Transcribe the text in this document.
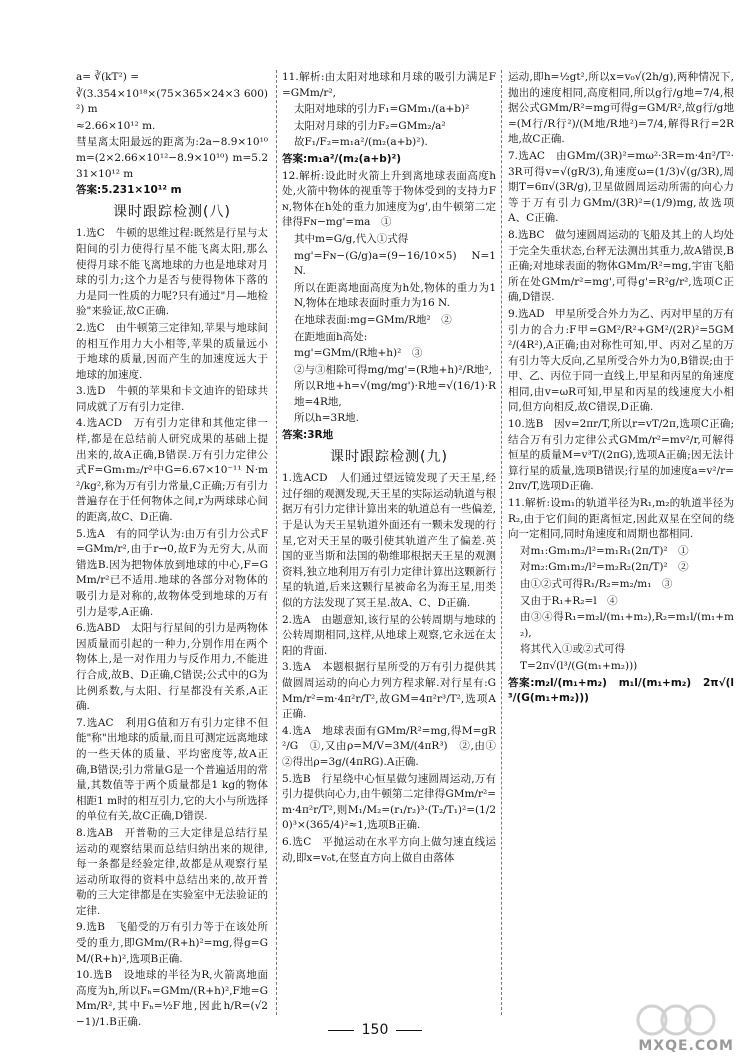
a= ∛(kT²) =
∛(3.354×10¹⁸×(75×365×24×3 600)²) m
≈2.66×10¹² m.
彗星离太阳最远的距离为:2a−8.9×10¹⁰ m=(2×2.66×10¹²−8.9×10¹⁰) m=5.231×10¹² m
答案:5.231×10¹² m
课时跟踪检测(八)
1.选C　牛顿的思维过程:既然是行星与太阳间的引力使得行星不能飞离太阳,那么使得月球不能飞离地球的力也是地球对月球的引力;这个力是否与使得物体下落的力是同一性质的力呢?只有通过"月—地检验"来验证,故C正确.
2.选C　由牛顿第三定律知,苹果与地球间的相互作用力大小相等,苹果的质量远小于地球的质量,因而产生的加速度远大于地球的加速度.
3.选D　牛顿的苹果和卡文迪许的铅球共同成就了万有引力定律.
4.选ACD　万有引力定律和其他定律一样,都是在总结前人研究成果的基础上提出来的,故A正确,B错误.万有引力定律公式F=Gm₁m₂/r²中G=6.67×10⁻¹¹ N·m²/kg²,称为万有引力常量,C正确;万有引力普遍存在于任何物体之间,r为两球球心间的距离,故C、D正确.
5.选A　有的同学认为:由万有引力公式F=GMm/r²,由于r→0,故F为无穷大,从而错选B.因为把物体放到地球的中心,F=GMm/r²已不适用.地球的各部分对物体的吸引力是对称的,故物体受到地球的万有引力是零,A正确.
6.选ABD　太阳与行星间的引力是两物体因质量而引起的一种力,分别作用在两个物体上,是一对作用力与反作用力,不能进行合成,故B、D正确,C错误;公式中的G为比例系数,与太阳、行星都没有关系,A正确.
7.选AC　利用G值和万有引力定律不但能"称"出地球的质量,而且可测定远离地球的一些天体的质量、平均密度等,故A正确,B错误;引力常量G是一个普遍适用的常量,其数值等于两个质量都是1 kg的物体相距1 m时的相互引力,它的大小与所选择的单位有关,故C正确,D错误.
8.选AB　开普勒的三大定律是总结行星运动的观察结果而总结归纳出来的规律,每一条都是经验定律,故都是从观察行星运动所取得的资料中总结出来的,故开普勒的三大定律都是在实验室中无法验证的定律.
9.选B　飞船受的万有引力等于在该处所受的重力,即GMm/(R+h)²=mg,得g=GM/(R+h)²,选项B正确.
10.选B　设地球的半径为R,火箭离地面高度为h,所以Fₕ=GMm/(R+h)²,F地=GMm/R²,其中Fₕ=½F地,因此h/R=(√2−1)/1.B正确.
11.解析:由太阳对地球和月球的吸引力满足F=GMm/r²,
太阳对地球的引力F₁=GMm₁/(a+b)²
太阳对月球的引力F₂=GMm₂/a²
故F₁/F₂=m₁a²/(m₂(a+b)²).
答案:m₁a²/(m₂(a+b)²)
12.解析:设此时火箭上升到离地球表面高度h处,火箭中物体的视重等于物体受到的支持力Fɴ,物体在h处的重力加速度为g',由牛顿第二定律得Fɴ−mg'=ma　①
其中m=G/g,代入①式得
mg'=Fɴ−(G/g)a=(9−16/10×5) N=1 N.
所以在距离地面高度为h处,物体的重力为1 N,物体在地球表面时重力为16 N.
在地球表面:mg=GMm/R地²　②
在距地面h高处:
mg'=GMm/(R地+h)²　③
②与③相除可得mg/mg'=(R地+h)²/R地²,
所以R地+h=√(mg/mg')·R地=√(16/1)·R地=4R地,
所以h=3R地.
答案:3R地
课时跟踪检测(九)
1.选ACD　人们通过望远镜发现了天王星,经过仔细的观测发现,天王星的实际运动轨道与根据万有引力定律计算出来的轨道总有一些偏差,于是认为天王星轨道外面还有一颗未发现的行星,它对天王星的吸引使其轨道产生了偏差.英国的亚当斯和法国的勒维耶根据天王星的观测资料,独立地利用万有引力定律计算出这颗新行星的轨道,后来这颗行星被命名为海王星,用类似的方法发现了冥王星.故A、C、D正确.
2.选A　由题意知,该行星的公转周期与地球的公转周期相同,这样,从地球上观察,它永远在太阳的背面.
3.选A　本题根据行星所受的万有引力提供其做圆周运动的向心力列方程求解.对行星有:GMm/r²=m·4π²r/T²,故GM=4π²r³/T²,选项A正确.
4.选A　地球表面有GMm/R²=mg,得M=gR²/G　①,又由ρ=M/V=3M/(4πR³)　②,由①②得出ρ=3g/(4πRG).A正确.
5.选B　行星绕中心恒星做匀速圆周运动,万有引力提供向心力,由牛顿第二定律得GMm/r²=m·4π²r/T²,则M₁/M₂=(r₁/r₂)³·(T₂/T₁)²=(1/20)³×(365/4)²≈1,选项B正确.
6.选C　平抛运动在水平方向上做匀速直线运动,即x=v₀t,在竖直方向上做自由落体
运动,即h=½gt²,所以x=v₀√(2h/g),两种情况下,抛出的速度相同,高度相同,所以g行/g地=7/4,根据公式GMm/R²=mg可得g=GM/R²,故g行/g地=(M行/R行²)/(M地/R地²)=7/4,解得R行=2R地,故C正确.
7.选AC　由GMm/(3R)²=mω²·3R=m·4π²/T²·3R可得v=√(gR/3),角速度ω=(1/3)√(g/3R),周期T=6π√(3R/g),卫星做圆周运动所需的向心力等于万有引力GMm/(3R)²=(1/9)mg,故选项A、C正确.
8.选BC　做匀速圆周运动的飞船及其上的人均处于完全失重状态,台秤无法测出其重力,故A错误,B正确;对地球表面的物体GMm/R²=mg,宇宙飞船所在处GMm/r²=mg',可得g'=R²g/r²,选项C正确,D错误.
9.选AD　甲星所受合外力为乙、丙对甲星的万有引力的合力:F甲=GM²/R²+GM²/(2R)²=5GM²/(4R²),A正确;由对称性可知,甲、丙对乙星的万有引力等大反向,乙星所受合外力为0,B错误;由于甲、乙、丙位于同一直线上,甲星和丙星的角速度相同,由v=ωR可知,甲星和丙星的线速度大小相同,但方向相反,故C错误,D正确.
10.选B　因v=2πr/T,所以r=vT/2π,选项C正确;结合万有引力定律公式GMm/r²=mv²/r,可解得恒星的质量M=v³T/(2πG),选项A正确;因无法计算行星的质量,选项B错误;行星的加速度a=v²/r=2πv/T,选项D正确.
11.解析:设m₁的轨道半径为R₁,m₂的轨道半径为R₂,由于它们间的距离恒定,因此双星在空间的绕向一定相同,同时角速度和周期也都相同.
对m₁:Gm₁m₂/l²=m₁R₁(2π/T)²　①
对m₂:Gm₁m₂/l²=m₂R₂(2π/T)²　②
由①②式可得R₁/R₂=m₂/m₁　③
又由于R₁+R₂=l　④
由③④得R₁=m₂l/(m₁+m₂),R₂=m₁l/(m₁+m₂),
将其代入①或②式可得
T=2π√(l³/(G(m₁+m₂)))
答案:m₂l/(m₁+m₂)　m₁l/(m₁+m₂)　2π√(l³/(G(m₁+m₂)))
150
MXQE.COM
